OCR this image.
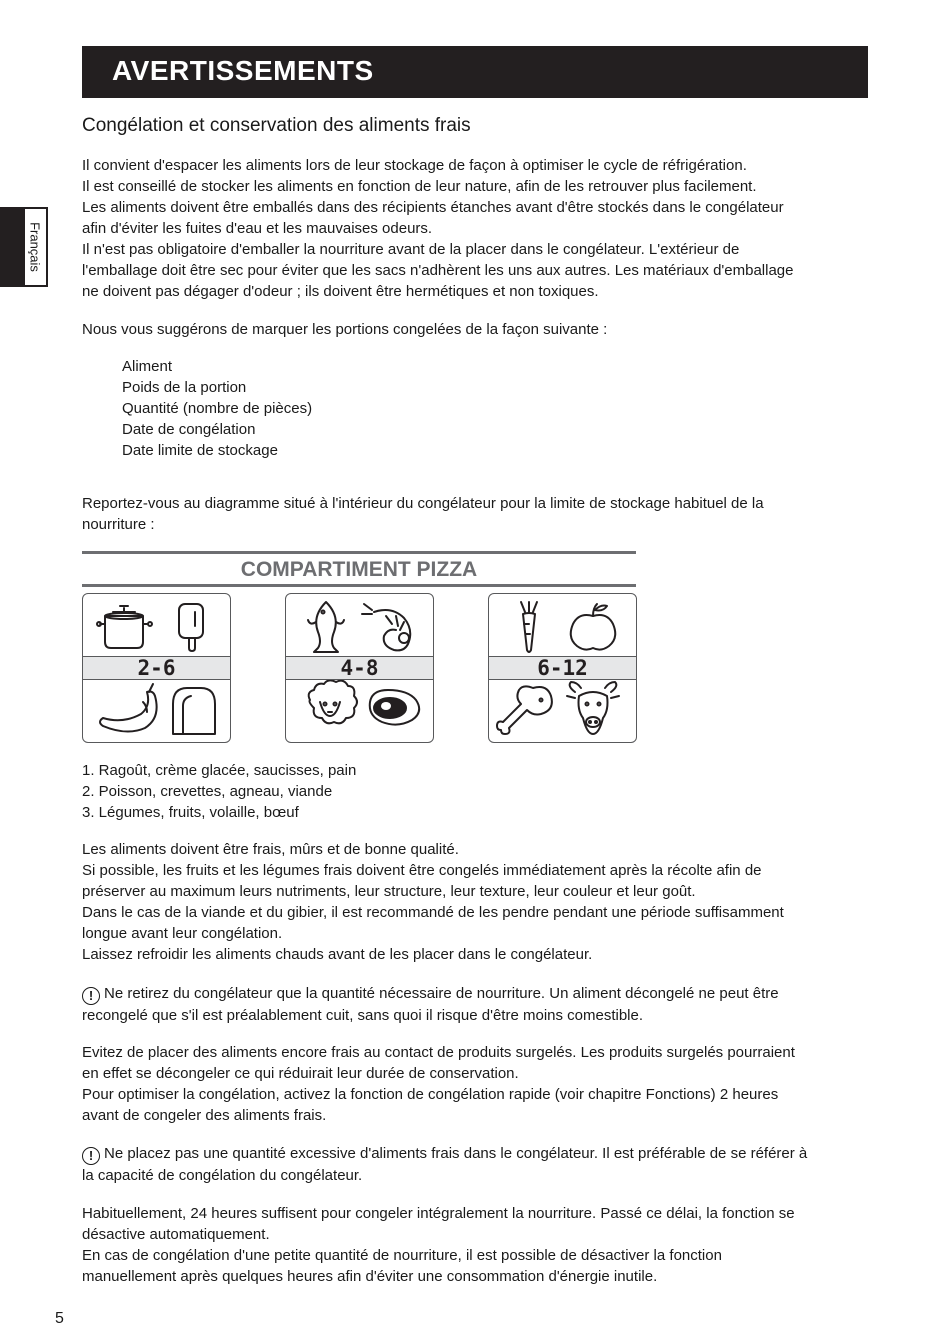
AVERTISSEMENTS
Français
Congélation et conservation des aliments frais
Il convient d'espacer les aliments lors de leur stockage de façon à optimiser le cycle de réfrigération.
Il est conseillé de stocker les aliments en fonction de leur nature, afin de les retrouver plus facilement.
Les aliments doivent être emballés dans des récipients étanches avant d'être stockés dans le congélateur
afin d'éviter les fuites d'eau et les mauvaises odeurs.
Il n'est pas obligatoire d'emballer la nourriture avant de la placer dans le congélateur. L'extérieur de
l'emballage doit être sec pour éviter que les sacs n'adhèrent les uns aux autres. Les matériaux d'emballage
ne doivent pas dégager d'odeur ; ils doivent être hermétiques et non toxiques.
Nous vous suggérons de marquer les portions congelées de la façon suivante :
Aliment
Poids de la portion
Quantité (nombre de pièces)
Date de congélation
Date limite de stockage
Reportez-vous au diagramme situé à l'intérieur du congélateur pour la limite de stockage habituel de la
nourriture :
COMPARTIMENT PIZZA
2-6	4-8	6-12
1. Ragoût, crème glacée, saucisses, pain
2. Poisson, crevettes, agneau, viande
3. Légumes, fruits, volaille, bœuf
Les aliments doivent être frais, mûrs et de bonne qualité.
Si possible, les fruits et les légumes frais doivent être congelés immédiatement après la récolte afin de
préserver au maximum leurs nutriments, leur structure, leur texture, leur couleur et leur goût.
Dans le cas de la viande et du gibier, il est recommandé de les pendre pendant une période suffisamment
longue avant leur congélation.
Laissez refroidir les aliments chauds avant de les placer dans le congélateur.
! Ne retirez du congélateur que la quantité nécessaire de nourriture. Un aliment décongelé ne peut être
recongelé que s'il est préalablement cuit, sans quoi il risque d'être moins comestible.
Evitez de placer des aliments encore frais au contact de produits surgelés. Les produits surgelés pourraient
en effet se décongeler ce qui réduirait leur durée de conservation.
Pour optimiser la congélation, activez la fonction de congélation rapide (voir chapitre Fonctions) 2 heures
avant de congeler des aliments frais.
! Ne placez pas une quantité excessive d'aliments frais dans le congélateur. Il est préférable de se référer à
la capacité de congélation du congélateur.
Habituellement, 24 heures suffisent pour congeler intégralement la nourriture. Passé ce délai, la fonction se
désactive automatiquement.
En cas de congélation d'une petite quantité de nourriture, il est possible de désactiver la fonction
manuellement après quelques heures afin d'éviter une consommation d'énergie inutile.
5
